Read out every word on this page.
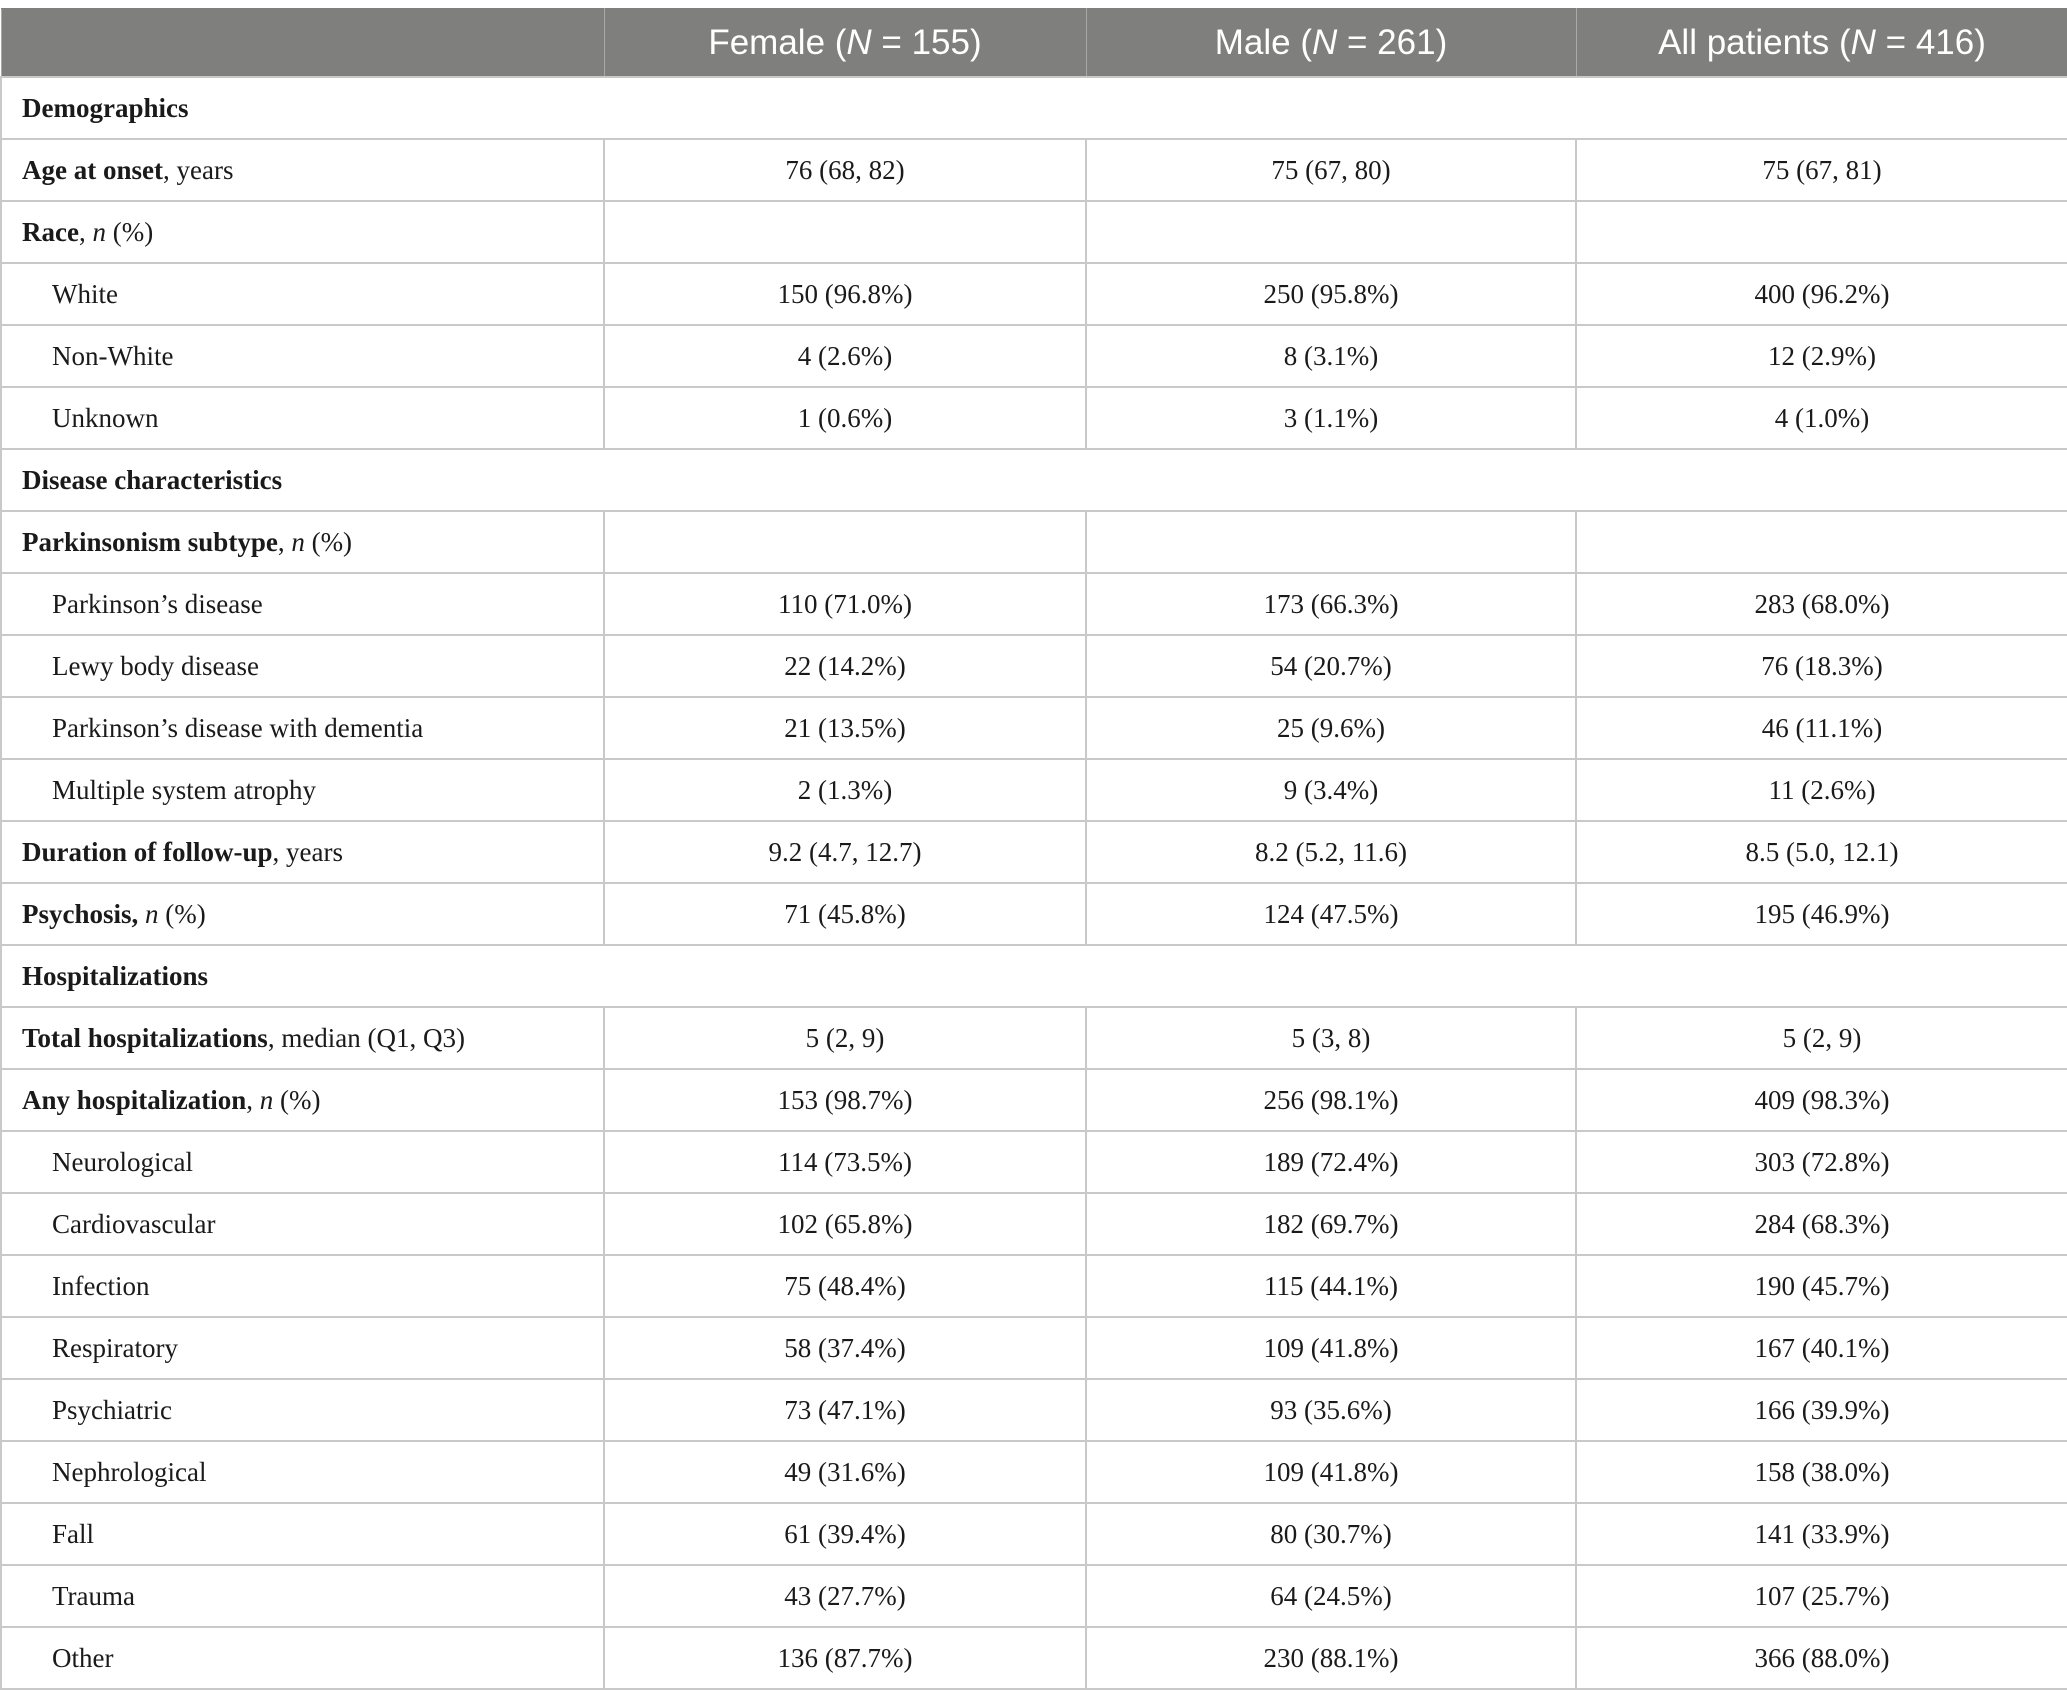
	Female (N = 155)	Male (N = 261)	All patients (N = 416)
Demographics			
Age at onset, years	76 (68, 82)	75 (67, 80)	75 (67, 81)
Race, n (%)			
White	150 (96.8%)	250 (95.8%)	400 (96.2%)
Non-White	4 (2.6%)	8 (3.1%)	12 (2.9%)
Unknown	1 (0.6%)	3 (1.1%)	4 (1.0%)
Disease characteristics			
Parkinsonism subtype, n (%)			
Parkinson’s disease	110 (71.0%)	173 (66.3%)	283 (68.0%)
Lewy body disease	22 (14.2%)	54 (20.7%)	76 (18.3%)
Parkinson’s disease with dementia	21 (13.5%)	25 (9.6%)	46 (11.1%)
Multiple system atrophy	2 (1.3%)	9 (3.4%)	11 (2.6%)
Duration of follow-up, years	9.2 (4.7, 12.7)	8.2 (5.2, 11.6)	8.5 (5.0, 12.1)
Psychosis, n (%)	71 (45.8%)	124 (47.5%)	195 (46.9%)
Hospitalizations			
Total hospitalizations, median (Q1, Q3)	5 (2, 9)	5 (3, 8)	5 (2, 9)
Any hospitalization, n (%)	153 (98.7%)	256 (98.1%)	409 (98.3%)
Neurological	114 (73.5%)	189 (72.4%)	303 (72.8%)
Cardiovascular	102 (65.8%)	182 (69.7%)	284 (68.3%)
Infection	75 (48.4%)	115 (44.1%)	190 (45.7%)
Respiratory	58 (37.4%)	109 (41.8%)	167 (40.1%)
Psychiatric	73 (47.1%)	93 (35.6%)	166 (39.9%)
Nephrological	49 (31.6%)	109 (41.8%)	158 (38.0%)
Fall	61 (39.4%)	80 (30.7%)	141 (33.9%)
Trauma	43 (27.7%)	64 (24.5%)	107 (25.7%)
Other	136 (87.7%)	230 (88.1%)	366 (88.0%)
